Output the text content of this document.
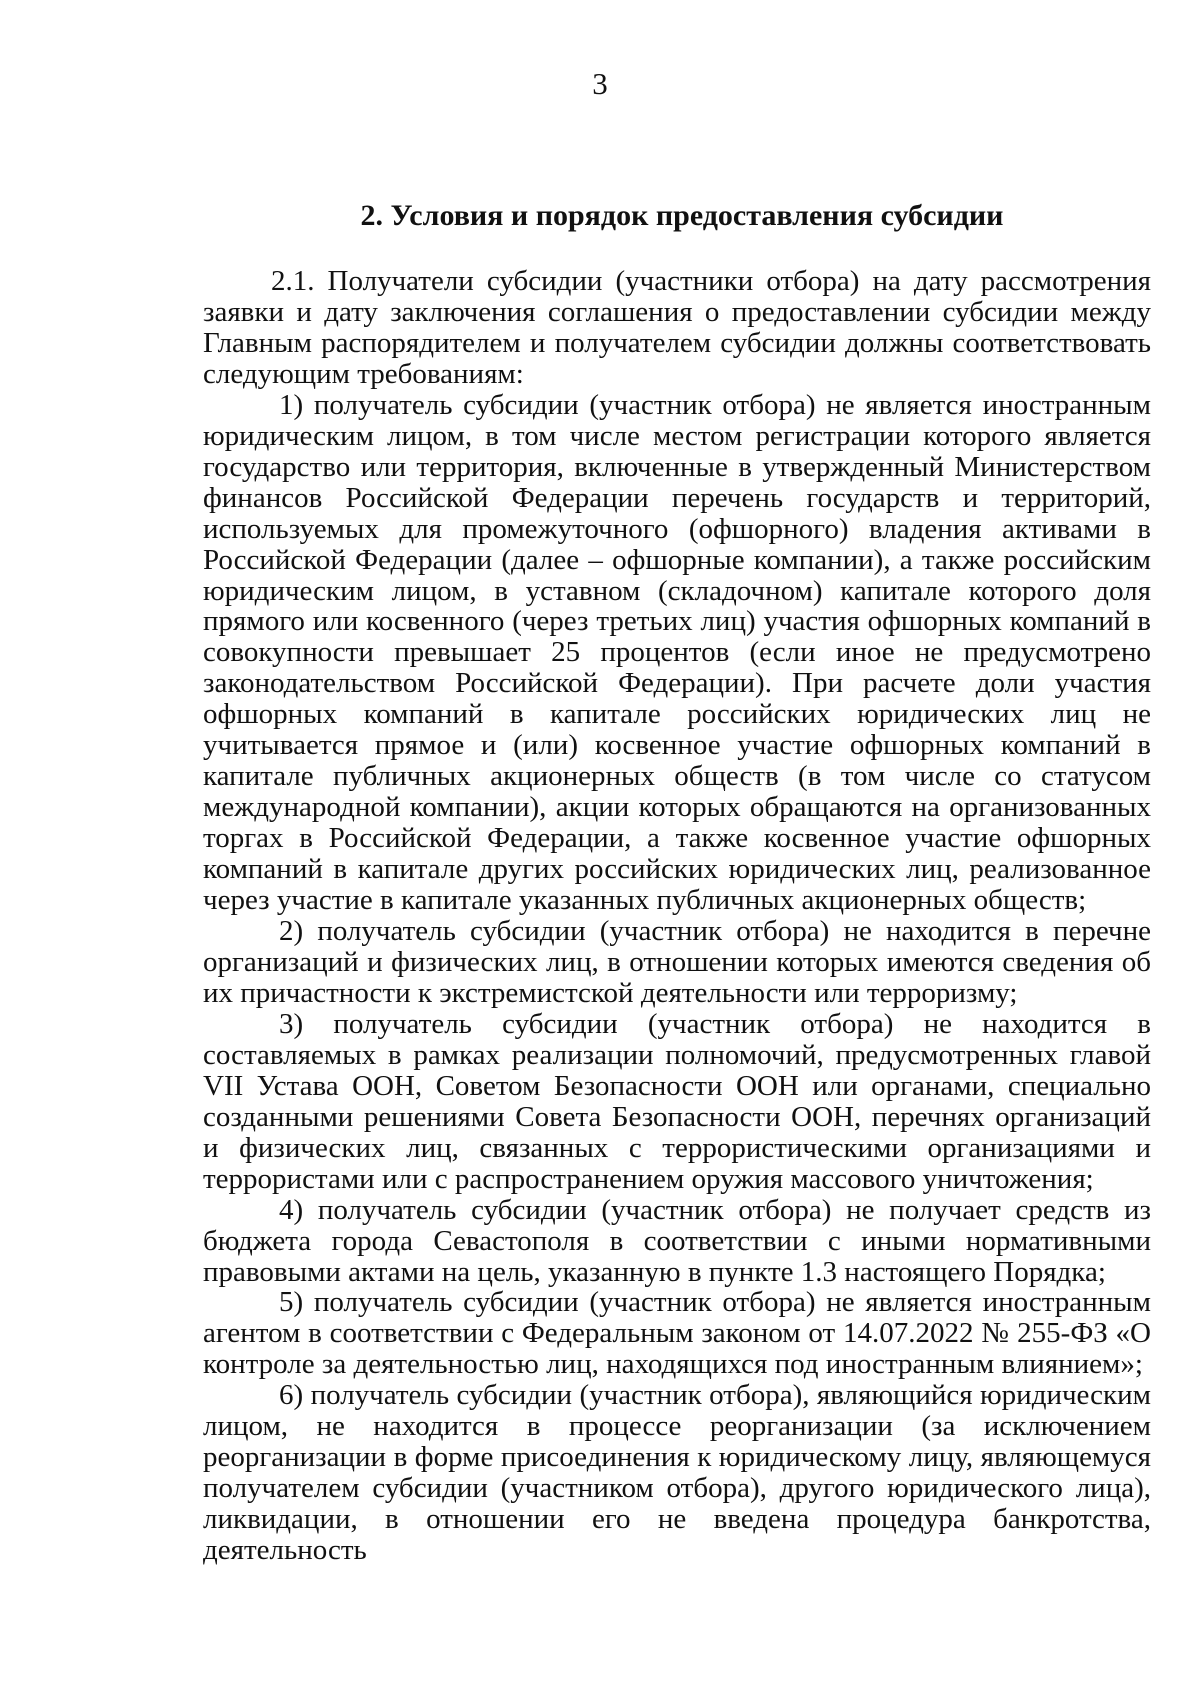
3
2. Условия и порядок предоставления субсидии

2.1. Получатели субсидии (участники отбора) на дату рассмотрения заявки и дату заключения соглашения о предоставлении субсидии между Главным распорядителем и получателем субсидии должны соответствовать следующим требованиям:

1) получатель субсидии (участник отбора) не является иностранным юридическим лицом, в том числе местом регистрации которого является государство или территория, включенные в утвержденный Министерством финансов Российской Федерации перечень государств и территорий, используемых для промежуточного (офшорного) владения активами в Российской Федерации (далее – офшорные компании), а также российским юридическим лицом, в уставном (складочном) капитале которого доля прямого или косвенного (через третьих лиц) участия офшорных компаний в совокупности превышает 25 процентов (если иное не предусмотрено законодательством Российской Федерации). При расчете доли участия офшорных компаний в капитале российских юридических лиц не учитывается прямое и (или) косвенное участие офшорных компаний в капитале публичных акционерных обществ (в том числе со статусом международной компании), акции которых обращаются на организованных торгах в Российской Федерации, а также косвенное участие офшорных компаний в капитале других российских юридических лиц, реализованное через участие в капитале указанных публичных акционерных обществ;

2) получатель субсидии (участник отбора) не находится в перечне организаций и физических лиц, в отношении которых имеются сведения об их причастности к экстремистской деятельности или терроризму;

3) получатель субсидии (участник отбора) не находится в составляемых в рамках реализации полномочий, предусмотренных главой VII Устава ООН, Советом Безопасности ООН или органами, специально созданными решениями Совета Безопасности ООН, перечнях организаций и физических лиц, связанных с террористическими организациями и террористами или с распространением оружия массового уничтожения;

4) получатель субсидии (участник отбора) не получает средств из бюджета города Севастополя в соответствии с иными нормативными правовыми актами на цель, указанную в пункте 1.3 настоящего Порядка;

5) получатель субсидии (участник отбора) не является иностранным агентом в соответствии с Федеральным законом от 14.07.2022 № 255-ФЗ «О контроле за деятельностью лиц, находящихся под иностранным влиянием»;

6) получатель субсидии (участник отбора), являющийся юридическим лицом, не находится в процессе реорганизации (за исключением реорганизации в форме присоединения к юридическому лицу, являющемуся получателем субсидии (участником отбора), другого юридического лица), ликвидации, в отношении его не введена процедура банкротства, деятельность
